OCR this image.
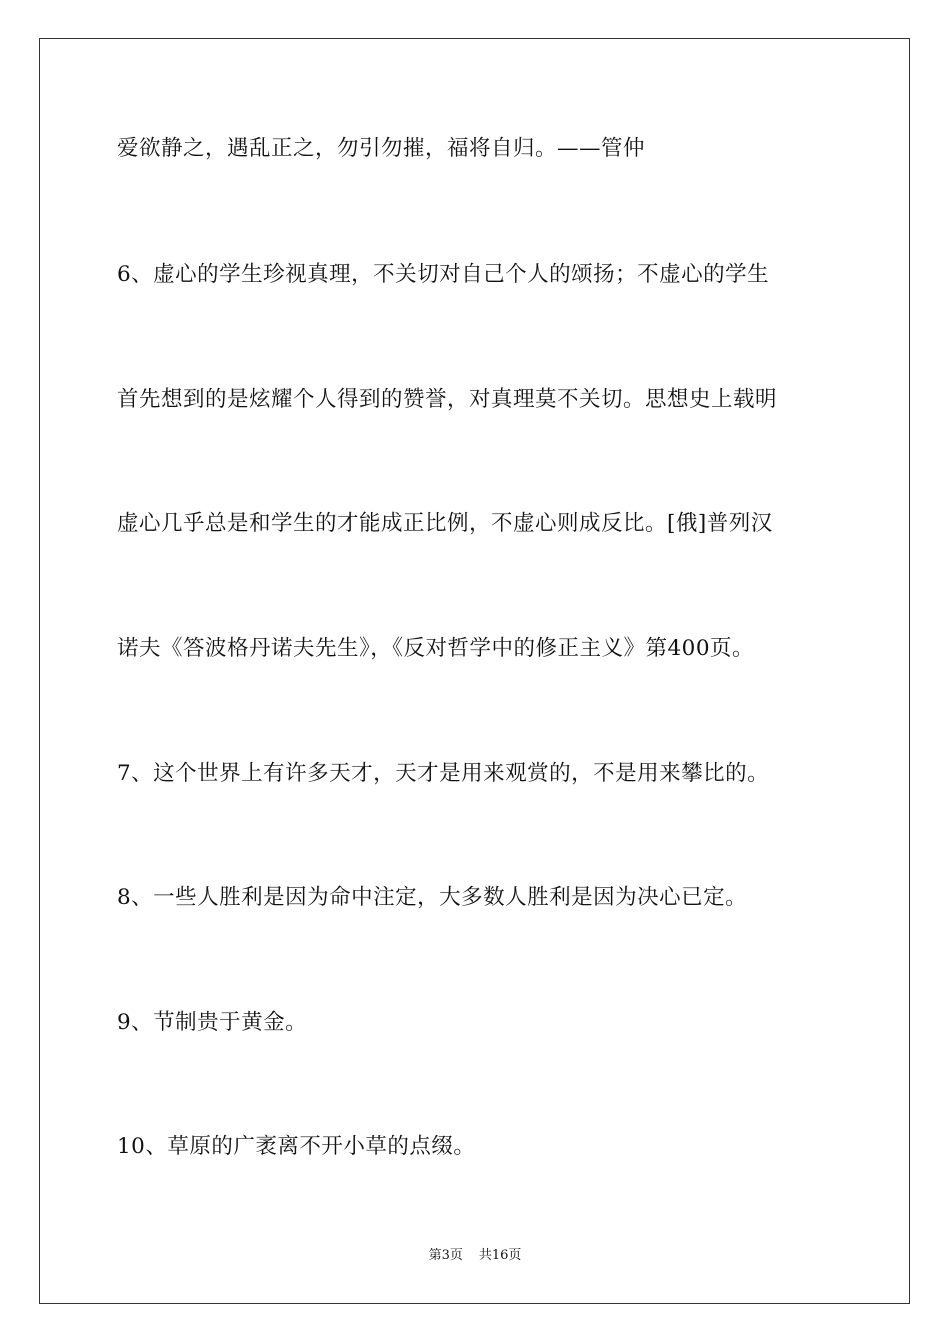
爱欲静之，遇乱正之，勿引勿摧，福将自归。——管仲
6、虚心的学生珍视真理，不关切对自己个人的颂扬；不虚心的学生
首先想到的是炫耀个人得到的赞誉，对真理莫不关切。思想史上载明
虚心几乎总是和学生的才能成正比例，不虚心则成反比。[俄]普列汉
诺夫《答波格丹诺夫先生》，《反对哲学中的修正主义》第400页。
7、这个世界上有许多天才，天才是用来观赏的，不是用来攀比的。
8、一些人胜利是因为命中注定，大多数人胜利是因为决心已定。
9、节制贵于黄金。
10、草原的广袤离不开小草的点缀。
第3页 共16页
